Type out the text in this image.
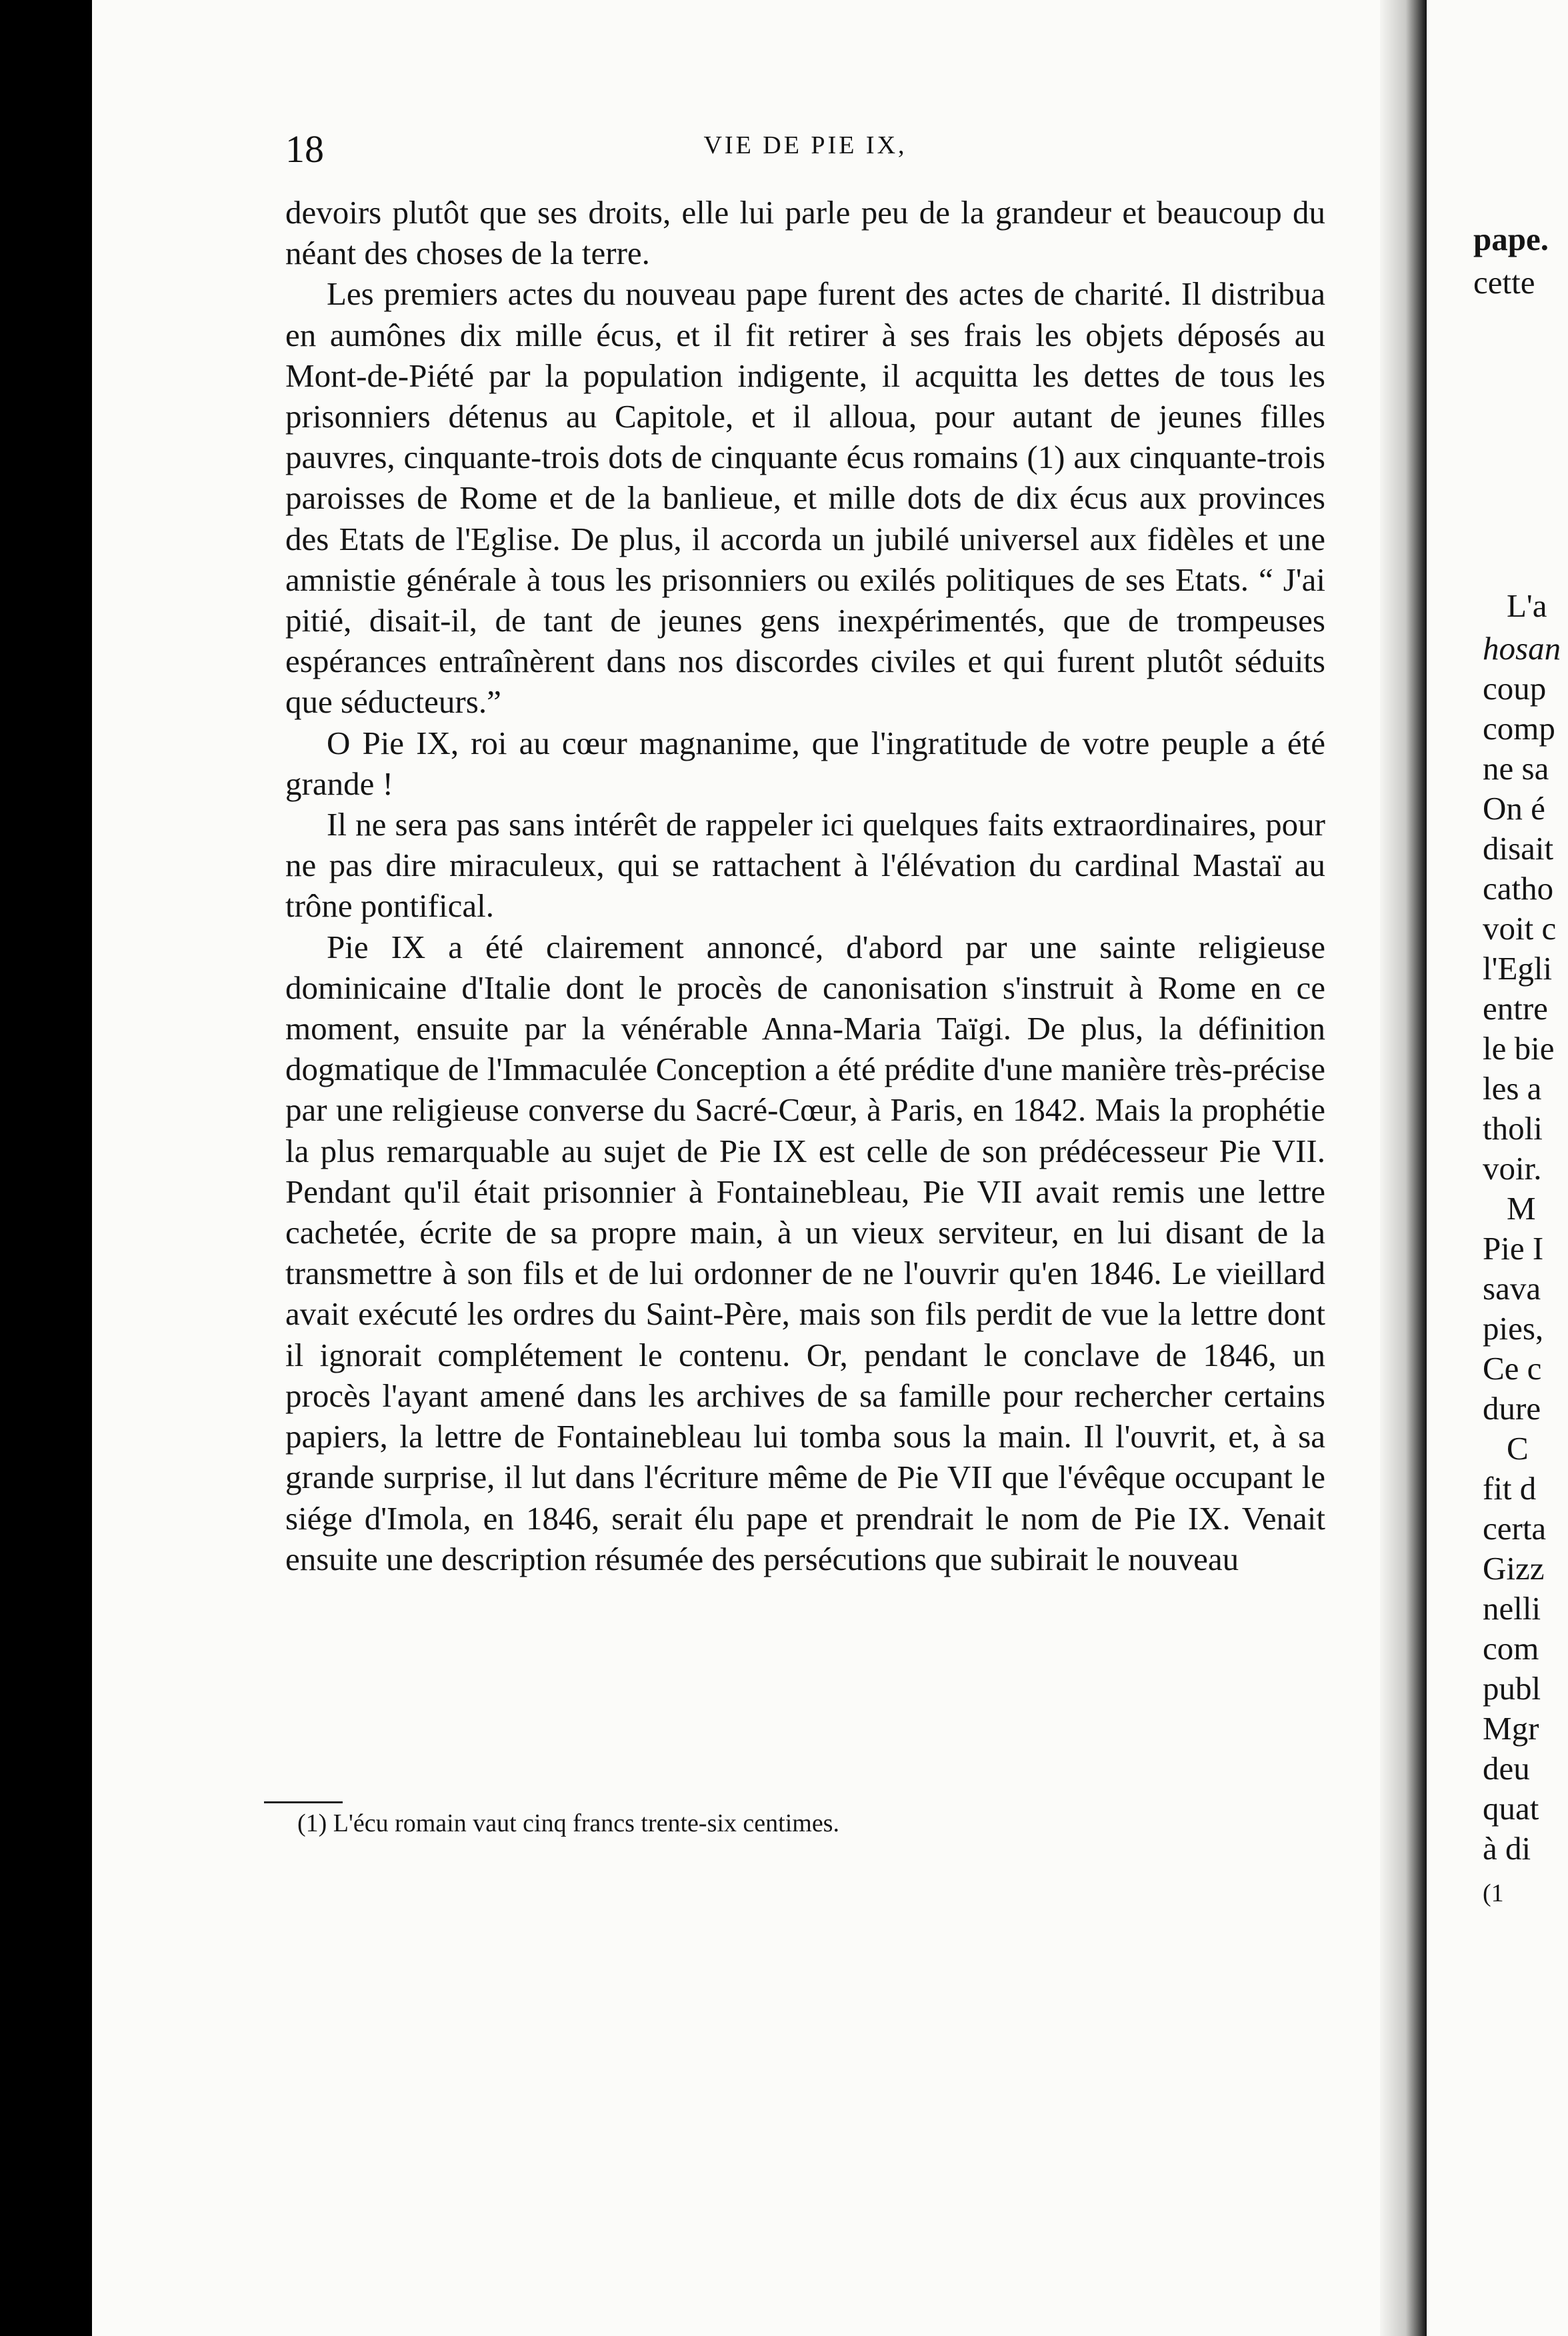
pape.
cette
L'a
hosan
coup
comp
ne sa
On é
disait
catho
voit c
l'Egli
entre
le bie
les a
tholi
voir.
M
Pie I
sava
pies,
Ce c
dure
C
fit d
certa
Gizz
nelli
com
publ
Mgr
deu
quat
à di
(1
18	VIE DE PIE IX,

devoirs plutôt que ses droits, elle lui parle peu de la grandeur et beaucoup du néant des choses de la terre.

Les premiers actes du nouveau pape furent des actes de charité. Il distribua en aumônes dix mille écus, et il fit retirer à ses frais les objets déposés au Mont-de-Piété par la population indigente, il acquitta les dettes de tous les prisonniers détenus au Capitole, et il alloua, pour autant de jeunes filles pauvres, cinquante-trois dots de cinquante écus romains (1) aux cinquante-trois paroisses de Rome et de la banlieue, et mille dots de dix écus aux provinces des Etats de l'Eglise. De plus, il accorda un jubilé universel aux fidèles et une amnistie générale à tous les prisonniers ou exilés politiques de ses Etats. “ J'ai pitié, disait-il, de tant de jeunes gens inexpérimentés, que de trompeuses espérances entraînèrent dans nos discordes civiles et qui furent plutôt séduits que séducteurs.”

O Pie IX, roi au cœur magnanime, que l'ingratitude de votre peuple a été grande !

Il ne sera pas sans intérêt de rappeler ici quelques faits extraordinaires, pour ne pas dire miraculeux, qui se rattachent à l'élévation du cardinal Mastaï au trône pontifical.

Pie IX a été clairement annoncé, d'abord par une sainte religieuse dominicaine d'Italie dont le procès de canonisation s'instruit à Rome en ce moment, ensuite par la vénérable Anna-Maria Taïgi. De plus, la définition dogmatique de l'Immaculée Conception a été prédite d'une manière très-précise par une religieuse converse du Sacré-Cœur, à Paris, en 1842. Mais la prophétie la plus remarquable au sujet de Pie IX est celle de son prédécesseur Pie VII. Pendant qu'il était prisonnier à Fontainebleau, Pie VII avait remis une lettre cachetée, écrite de sa propre main, à un vieux serviteur, en lui disant de la transmettre à son fils et de lui ordonner de ne l'ouvrir qu'en 1846. Le vieillard avait exécuté les ordres du Saint-Père, mais son fils perdit de vue la lettre dont il ignorait complétement le contenu. Or, pendant le conclave de 1846, un procès l'ayant amené dans les archives de sa famille pour rechercher certains papiers, la lettre de Fontainebleau lui tomba sous la main. Il l'ouvrit, et, à sa grande surprise, il lut dans l'écriture même de Pie VII que l'évêque occupant le siége d'Imola, en 1846, serait élu pape et prendrait le nom de Pie IX. Venait ensuite une description résumée des persécutions que subirait le nouveau

(1) L'écu romain vaut cinq francs trente-six centimes.
